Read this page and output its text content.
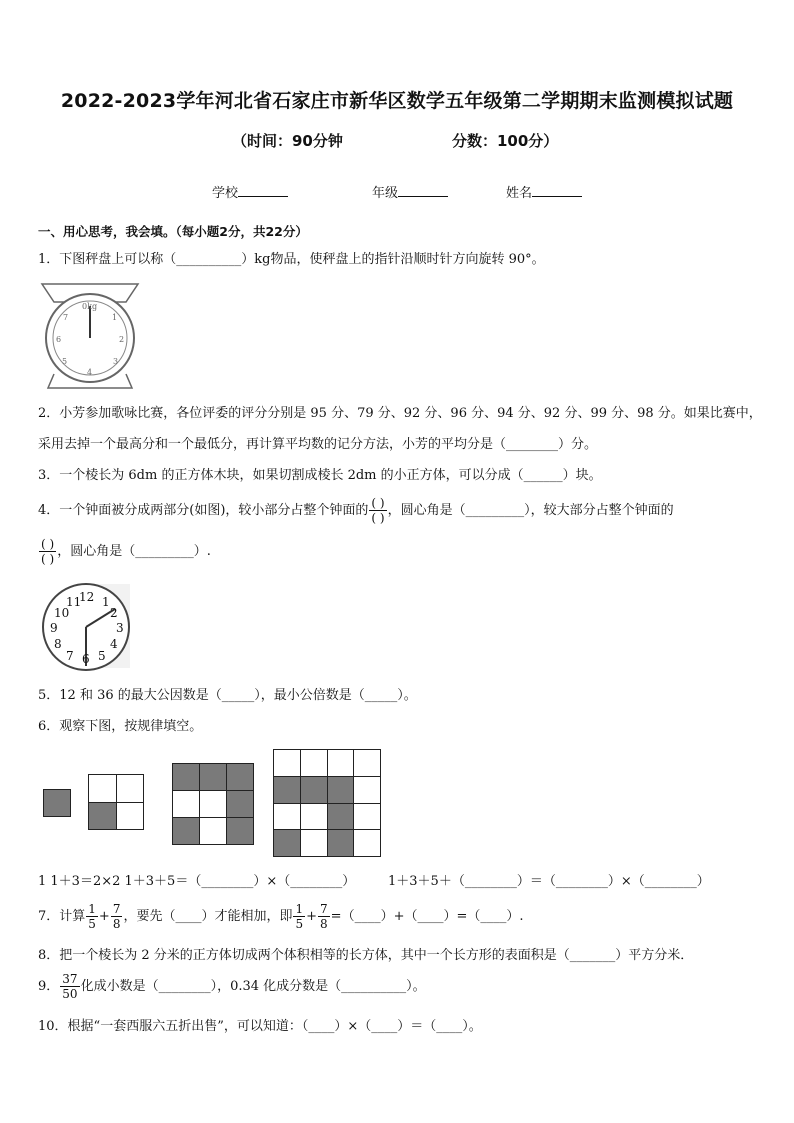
2022-2023学年河北省石家庄市新华区数学五年级第二学期期末监测模拟试题
（时间：90分钟	分数：100分）
学校	年级	姓名
一、用心思考，我会填。（每小题2分，共22分）
1．下图秤盘上可以称（__________）kg物品，使秤盘上的指针沿顺时针方向旋转 90°。
0kg
7	1
6	2
5	3
4
2．小芳参加歌咏比赛，各位评委的评分分别是 95 分、79 分、92 分、96 分、94 分、92 分、99 分、98 分。如果比赛中，
采用去掉一个最高分和一个最低分，再计算平均数的记分方法，小芳的平均分是（________）分。
3．一个棱长为 6dm 的正方体木块，如果切割成棱长 2dm 的小正方体，可以分成（______）块。
4．一个钟面被分成两部分(如图)，较小部分占整个钟面的 $\frac{( )}{( )}$ ，圆心角是（_________），较大部分占整个钟面的
$\frac{( )}{( )}$ ，圆心角是（_________）.
12 1
2
3
4
5
6
7
8
9
10
11
5．12 和 36 的最大公因数是（_____），最小公倍数是（_____）。
6．观察下图，按规律填空。

1 1＋3＝2×2 1＋3＋5＝（________）×（________）	1＋3＋5＋（________）＝（________）×（________）
7．计算 $\frac{1}{5} + \frac{7}{8}$ ，要先（____）才能相加，即 $\frac{1}{5} + \frac{7}{8}$ =（____）+（____）=（____）.
8．把一个棱长为 2 分米的正方体切成两个体积相等的长方体，其中一个长方形的表面积是（_______）平方分米．
9． $\frac{37}{50}$ 化成小数是（________），0.34 化成分数是（__________）。
10．根据“一套西服六五折出售”，可以知道：（____）×（____）＝（____）。
